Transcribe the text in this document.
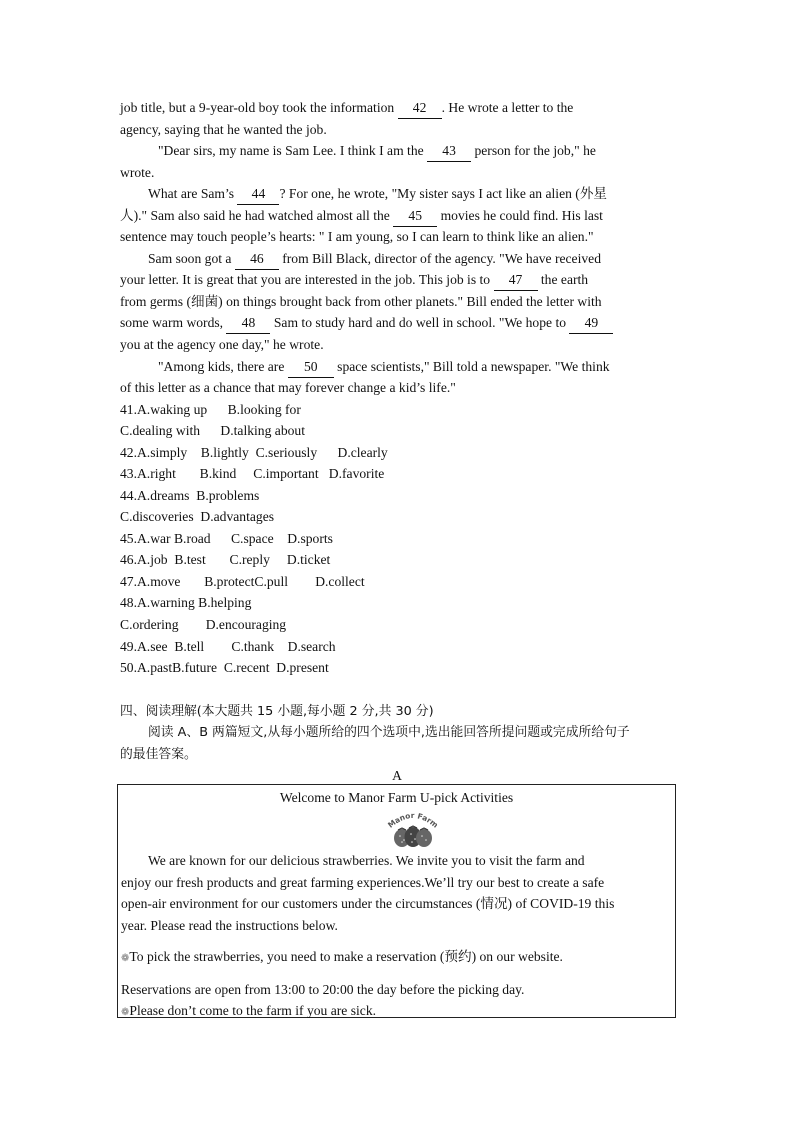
job title, but a 9-year-old boy took the information 42 . He wrote a letter to the
agency, saying that he wanted the job.
"Dear sirs, my name is Sam Lee. I think I am the 43 person for the job," he
wrote.
What are Sam’s 44 ? For one, he wrote, "My sister says I act like an alien (外星
人)." Sam also said he had watched almost all the 45 movies he could find. His last
sentence may touch people’s hearts: " I am young, so I can learn to think like an alien."
Sam soon got a 46 from Bill Black, director of the agency. "We have received
your letter. It is great that you are interested in the job. This job is to 47 the earth
from germs (细菌) on things brought back from other planets." Bill ended the letter with
some warm words, 48 Sam to study hard and do well in school. "We hope to 49
you at the agency one day," he wrote.
"Among kids, there are 50 space scientists," Bill told a newspaper. "We think
of this letter as a chance that may forever change a kid’s life."
41.A.waking up      B.looking for
C.dealing with      D.talking about
42.A.simply    B.lightly  C.seriously      D.clearly
43.A.right       B.kind     C.important   D.favorite
44.A.dreams  B.problems
C.discoveries  D.advantages
45.A.war B.road      C.space    D.sports
46.A.job  B.test       C.reply     D.ticket
47.A.move       B.protectC.pull        D.collect
48.A.warning B.helping
C.ordering        D.encouraging
49.A.see  B.tell        C.thank    D.search
50.A.pastB.future  C.recent  D.present
四、阅读理解(本大题共 15 小题,每小题 2 分,共 30 分)
阅读 A、B 两篇短文,从每小题所给的四个选项中,选出能回答所提问题或完成所给句子
的最佳答案。
A
Welcome to Manor Farm U-pick Activities
Manor Farm
We are known for our delicious strawberries. We invite you to visit the farm and
enjoy our fresh products and great farming experiences.We’ll try our best to create a safe
open-air environment for our customers under the circumstances (情况) of COVID-19 this
year. Please read the instructions below.
❁To pick the strawberries, you need to make a reservation (预约) on our website.
Reservations are open from 13:00 to 20:00 the day before the picking day.
❁Please don’t come to the farm if you are sick.
